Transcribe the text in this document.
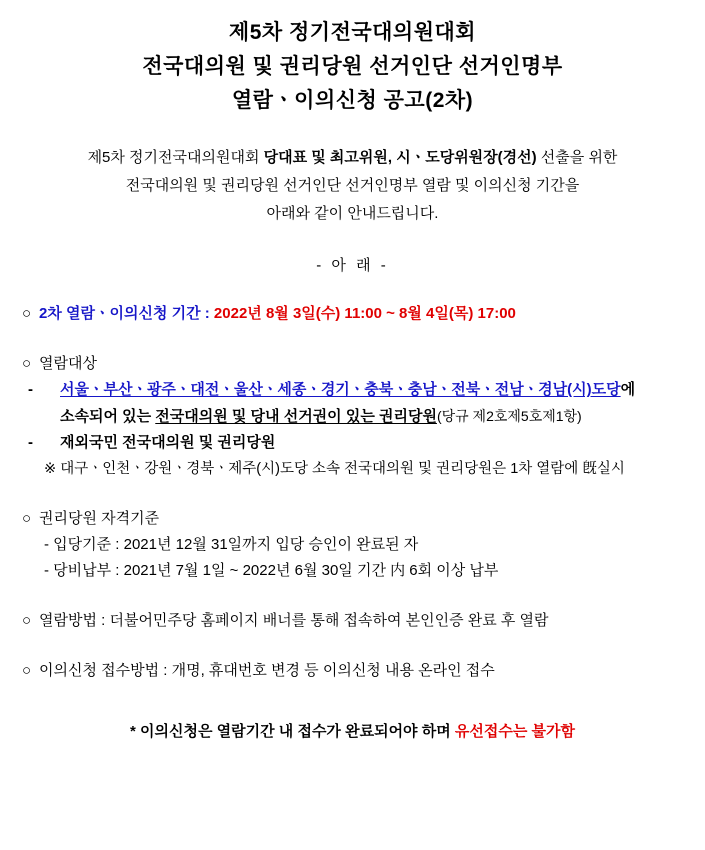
제5차 정기전국대의원대회
전국대의원 및 권리당원 선거인단 선거인명부
열람ㆍ이의신청 공고(2차)
제5차 정기전국대의원대회 당대표 및 최고위원, 시ㆍ도당위원장(경선) 선출을 위한
전국대의원 및 권리당원 선거인단 선거인명부 열람 및 이의신청 기간을
아래와 같이 안내드립니다.
- 아 래 -
○ 2차 열람ㆍ이의신청 기간 : 2022년 8월 3일(수) 11:00 ~ 8월 4일(목) 17:00
○ 열람대상
- 서울ㆍ부산ㆍ광주ㆍ대전ㆍ울산ㆍ세종ㆍ경기ㆍ충북ㆍ충남ㆍ전북ㆍ전남ㆍ경남(시)도당에
소속되어 있는 전국대의원 및 당내 선거권이 있는 권리당원(당규 제2호제5호제1항)
- 재외국민 전국대의원 및 권리당원
※ 대구ㆍ인천ㆍ강원ㆍ경북ㆍ제주(시)도당 소속 전국대의원 및 권리당원은 1차 열람에 旣실시
○ 권리당원 자격기준
- 입당기준 : 2021년 12월 31일까지 입당 승인이 완료된 자
- 당비납부 : 2021년 7월 1일 ~ 2022년 6월 30일 기간 内 6회 이상 납부
○ 열람방법 : 더불어민주당 홈페이지 배너를 통해 접속하여 본인인증 완료 후 열람
○ 이의신청 접수방법 : 개명, 휴대번호 변경 등 이의신청 내용 온라인 접수
* 이의신청은 열람기간 내 접수가 완료되어야 하며 유선접수는 불가함
